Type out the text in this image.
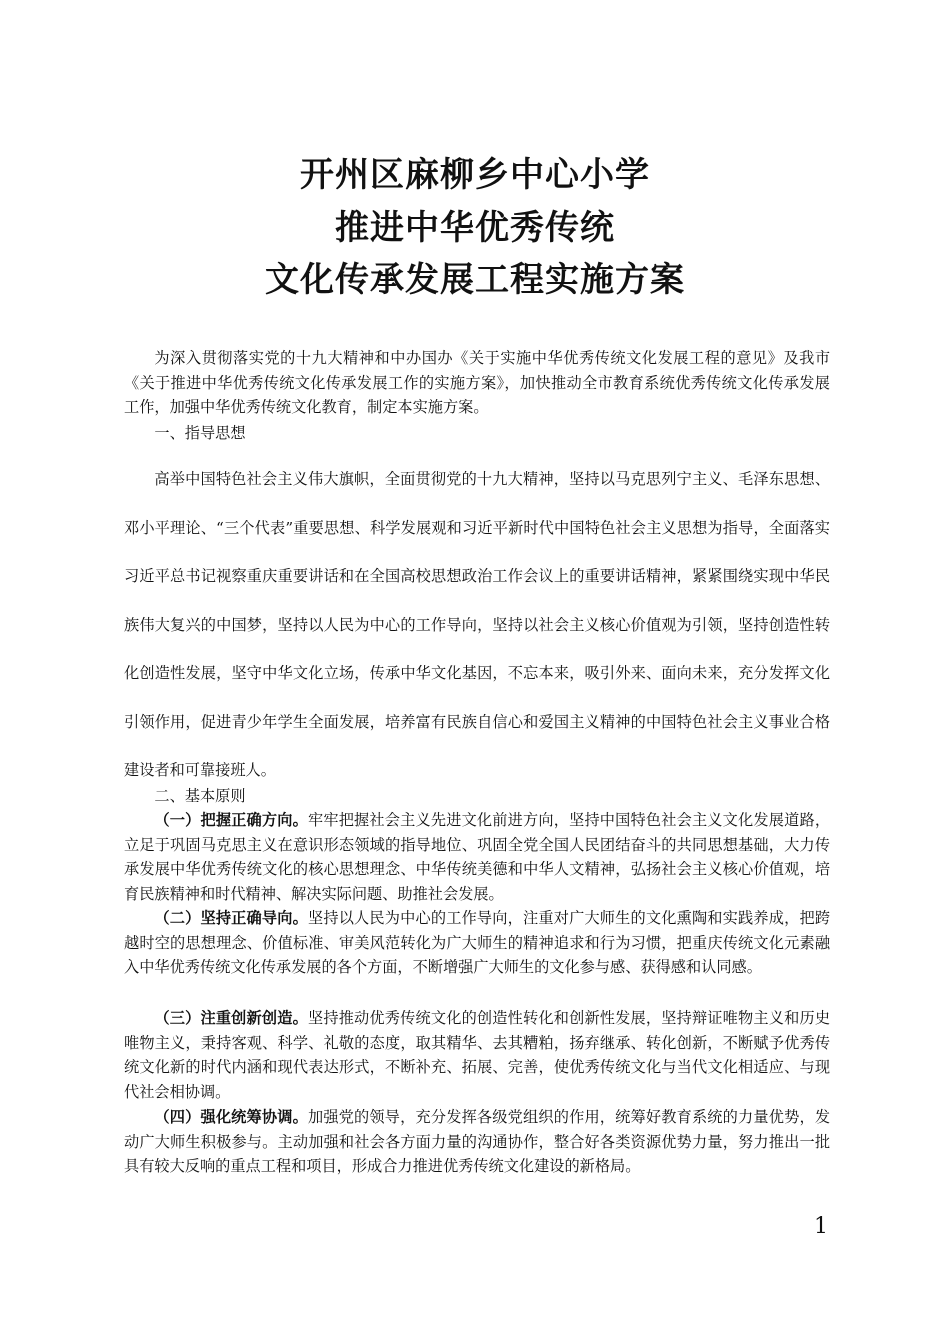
开州区麻柳乡中心小学
推进中华优秀传统
文化传承发展工程实施方案

为深入贯彻落实党的十九大精神和中办国办《关于实施中华优秀传统文化发展工程的意见》及我市《关于推进中华优秀传统文化传承发展工作的实施方案》，加快推动全市教育系统优秀传统文化传承发展工作，加强中华优秀传统文化教育，制定本实施方案。

一、指导思想

高举中国特色社会主义伟大旗帜，全面贯彻党的十九大精神，坚持以马克思列宁主义、毛泽东思想、邓小平理论、“三个代表”重要思想、科学发展观和习近平新时代中国特色社会主义思想为指导，全面落实习近平总书记视察重庆重要讲话和在全国高校思想政治工作会议上的重要讲话精神，紧紧围绕实现中华民族伟大复兴的中国梦，坚持以人民为中心的工作导向，坚持以社会主义核心价值观为引领，坚持创造性转化创造性发展，坚守中华文化立场，传承中华文化基因，不忘本来，吸引外来、面向未来，充分发挥文化引领作用，促进青少年学生全面发展，培养富有民族自信心和爱国主义精神的中国特色社会主义事业合格建设者和可靠接班人。

二、基本原则

（一）把握正确方向。牢牢把握社会主义先进文化前进方向，坚持中国特色社会主义文化发展道路，立足于巩固马克思主义在意识形态领域的指导地位、巩固全党全国人民团结奋斗的共同思想基础，大力传承发展中华优秀传统文化的核心思想理念、中华传统美德和中华人文精神，弘扬社会主义核心价值观，培育民族精神和时代精神、解决实际问题、助推社会发展。

（二）坚持正确导向。坚持以人民为中心的工作导向，注重对广大师生的文化熏陶和实践养成，把跨越时空的思想理念、价值标准、审美风范转化为广大师生的精神追求和行为习惯，把重庆传统文化元素融入中华优秀传统文化传承发展的各个方面，不断增强广大师生的文化参与感、获得感和认同感。

（三）注重创新创造。坚持推动优秀传统文化的创造性转化和创新性发展，坚持辩证唯物主义和历史唯物主义，秉持客观、科学、礼敬的态度，取其精华、去其糟粕，扬弃继承、转化创新，不断赋予优秀传统文化新的时代内涵和现代表达形式，不断补充、拓展、完善，使优秀传统文化与当代文化相适应、与现代社会相协调。

（四）强化统筹协调。加强党的领导，充分发挥各级党组织的作用，统筹好教育系统的力量优势，发动广大师生积极参与。主动加强和社会各方面力量的沟通协作，整合好各类资源优势力量，努力推出一批具有较大反响的重点工程和项目，形成合力推进优秀传统文化建设的新格局。

1
